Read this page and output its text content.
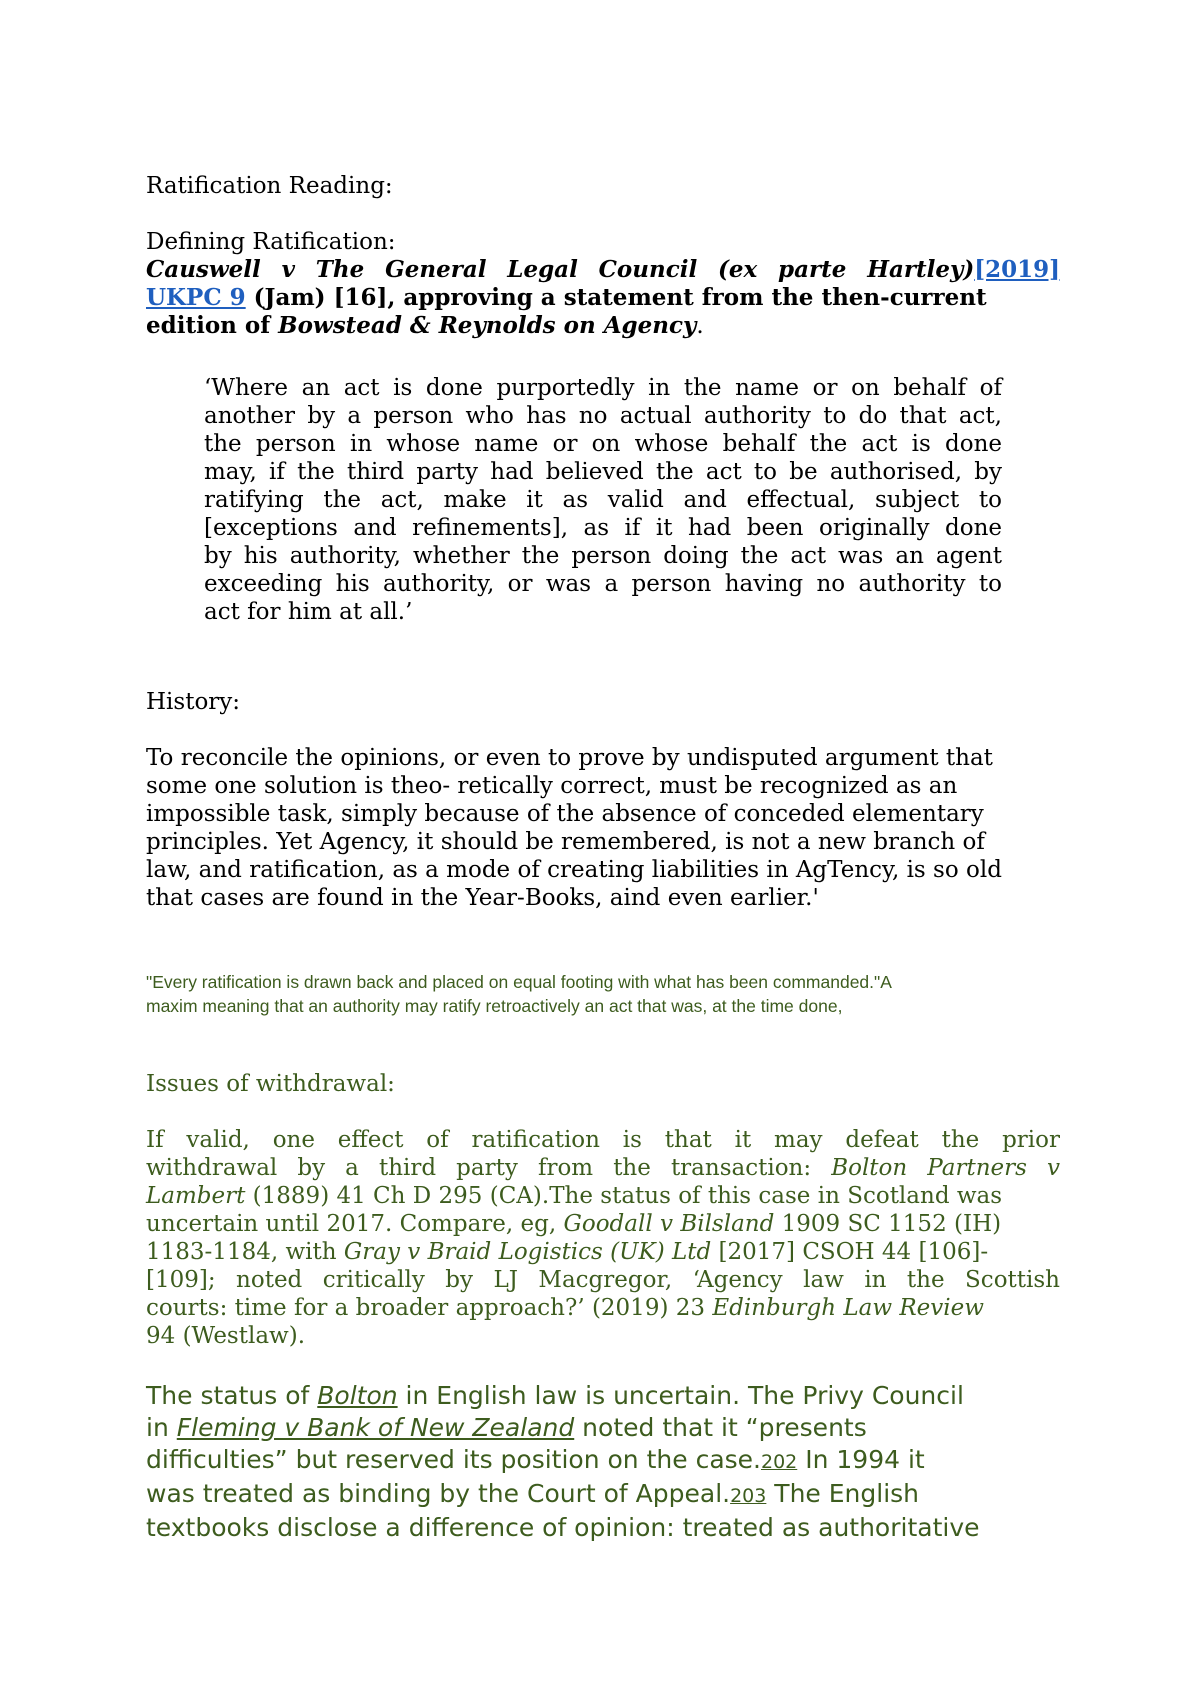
Ratification Reading:
Defining Ratification:
Causwell v The General Legal Council (ex parte Hartley)[2019]
UKPC 9 (Jam) [16], approving a statement from the then-current
edition of Bowstead & Reynolds on Agency.
‘Where an act is done purportedly in the name or on behalf of
another by a person who has no actual authority to do that act,
the person in whose name or on whose behalf the act is done
may, if the third party had believed the act to be authorised, by
ratifying the act, make it as valid and effectual, subject to
[exceptions and refinements], as if it had been originally done
by his authority, whether the person doing the act was an agent
exceeding his authority, or was a person having no authority to
act for him at all.’
History:
To reconcile the opinions, or even to prove by undisputed argument that
some one solution is theo- retically correct, must be recognized as an
impossible task, simply because of the absence of conceded elementary
principles. Yet Agency, it should be remembered, is not a new branch of
law, and ratification, as a mode of creating liabilities in AgTency, is so old
that cases are found in the Year-Books, aind even earlier.'
"Every ratification is drawn back and placed on equal footing with what has been commanded."A
maxim meaning that an authority may ratify retroactively an act that was, at the time done,
Issues of withdrawal:
If valid, one effect of ratification is that it may defeat the prior
withdrawal by a third party from the transaction: Bolton Partners v
Lambert (1889) 41 Ch D 295 (CA).The status of this case in Scotland was
uncertain until 2017. Compare, eg, Goodall v Bilsland 1909 SC 1152 (IH)
1183-1184, with Gray v Braid Logistics (UK) Ltd [2017] CSOH 44 [106]-
[109]; noted critically by LJ Macgregor, ‘Agency law in the Scottish
courts: time for a broader approach?’ (2019) 23 Edinburgh Law Review
94 (Westlaw).
The status of Bolton in English law is uncertain. The Privy Council
in Fleming v Bank of New Zealand noted that it “presents
difficulties” but reserved its position on the case.202 In 1994 it
was treated as binding by the Court of Appeal.203 The English
textbooks disclose a difference of opinion: treated as authoritative
